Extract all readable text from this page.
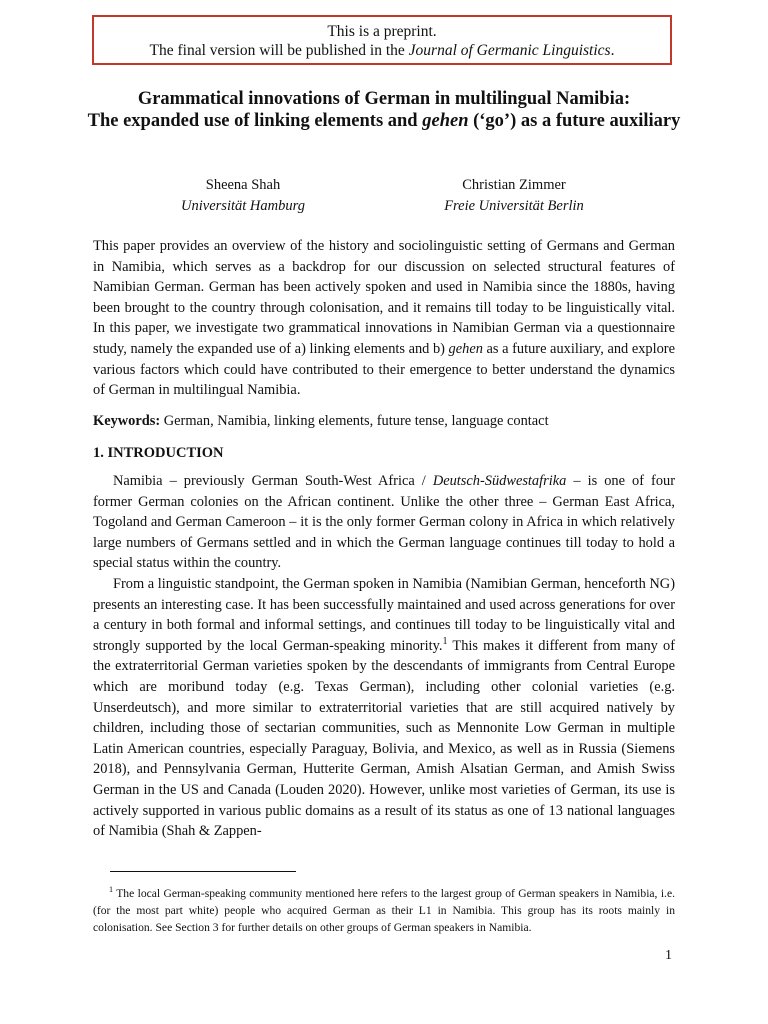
This is a preprint.
The final version will be published in the Journal of Germanic Linguistics.
Grammatical innovations of German in multilingual Namibia:
The expanded use of linking elements and gehen (‘go’) as a future auxiliary
Sheena Shah
Universität Hamburg
Christian Zimmer
Freie Universität Berlin
This paper provides an overview of the history and sociolinguistic setting of Germans and German in Namibia, which serves as a backdrop for our discussion on selected structural features of Namibian German. German has been actively spoken and used in Namibia since the 1880s, having been brought to the country through colonisation, and it remains till today to be linguistically vital. In this paper, we investigate two grammatical innovations in Namibian German via a questionnaire study, namely the expanded use of a) linking elements and b) gehen as a future auxiliary, and explore various factors which could have contributed to their emergence to better understand the dynamics of German in multilingual Namibia.
Keywords: German, Namibia, linking elements, future tense, language contact
1. INTRODUCTION

Namibia – previously German South-West Africa / Deutsch-Südwestafrika – is one of four former German colonies on the African continent. Unlike the other three – German East Africa, Togoland and German Cameroon – it is the only former German colony in Africa in which relatively large numbers of Germans settled and in which the German language continues till today to hold a special status within the country.

From a linguistic standpoint, the German spoken in Namibia (Namibian German, henceforth NG) presents an interesting case. It has been successfully maintained and used across generations for over a century in both formal and informal settings, and continues till today to be linguistically vital and strongly supported by the local German-speaking minority.$^1$ This makes it different from many of the extraterritorial German varieties spoken by the descendants of immigrants from Central Europe which are moribund today (e.g. Texas German), including other colonial varieties (e.g. Unserdeutsch), and more similar to extraterritorial varieties that are still acquired natively by children, including those of sectarian communities, such as Mennonite Low German in multiple Latin American countries, especially Paraguay, Bolivia, and Mexico, as well as in Russia (Siemens 2018), and Pennsylvania German, Hutterite German, Amish Alsatian German, and Amish Swiss German in the US and Canada (Louden 2020). However, unlike most varieties of German, its use is actively supported in various public domains as a result of its status as one of 13 national languages of Namibia (Shah & Zappen-

$^1$ The local German-speaking community mentioned here refers to the largest group of German speakers in Namibia, i.e. (for the most part white) people who acquired German as their L1 in Namibia. This group has its roots mainly in colonisation. See Section 3 for further details on other groups of German speakers in Namibia.
1
